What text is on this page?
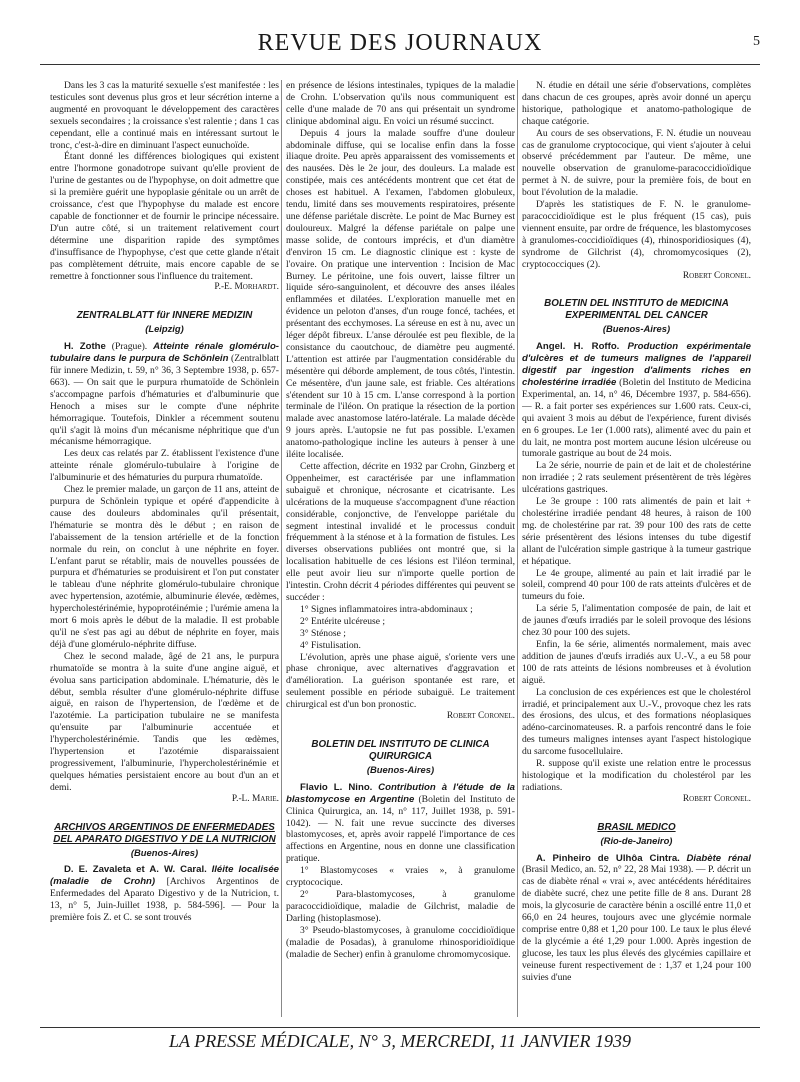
REVUE DES JOURNAUX	5

Dans les 3 cas la maturité sexuelle s'est manifestée : les testicules sont devenus plus gros et leur sécrétion interne a augmenté en provoquant le développement des caractères sexuels secondaires ; la croissance s'est ralentie ; dans 1 cas cependant, elle a continué mais en intéressant surtout le tronc, c'est-à-dire en diminuant l'aspect eunuchoïde.

Étant donné les différences biologiques qui existent entre l'hormone gonadotrope suivant qu'elle provient de l'urine de gestantes ou de l'hypophyse, on doit admettre que si la première guérit une hypoplasie génitale ou un arrêt de croissance, c'est que l'hypophyse du malade est encore capable de fonctionner et de fournir le principe nécessaire. D'un autre côté, si un traitement relativement court détermine une disparition rapide des symptômes d'insuffisance de l'hypophyse, c'est que cette glande n'était pas complètement détruite, mais encore capable de se remettre à fonctionner sous l'influence du traitement.

P.-E. Morhardt.
ZENTRALBLATT für INNERE MEDIZIN
(Leipzig)

H. Zothe (Prague). Atteinte rénale glomérulo-tubulaire dans le purpura de Schönlein (Zentralblatt für innere Medizin, t. 59, n° 36, 3 Septembre 1938, p. 657-663). — On sait que le purpura rhumatoïde de Schönlein s'accompagne parfois d'hématuries et d'albuminurie que Henoch a mises sur le compte d'une néphrite hémorragique. Toutefois, Dinkler a récemment soutenu qu'il s'agit là moins d'un mécanisme néphritique que d'un mécanisme hémorragique.

Les deux cas relatés par Z. établissent l'existence d'une atteinte rénale glomérulo-tubulaire à l'origine de l'albuminurie et des hématuries du purpura rhumatoïde.

Chez le premier malade, un garçon de 11 ans, atteint de purpura de Schönlein typique et opéré d'appendicite à cause des douleurs abdominales qu'il présentait, l'hématurie se montra dès le début ; en raison de l'abaissement de la tension artérielle et de la fonction normale du rein, on conclut à une néphrite en foyer. L'enfant parut se rétablir, mais de nouvelles poussées de purpura et d'hématuries se produisirent et l'on put constater le tableau d'une néphrite glomérulo-tubulaire chronique avec hypertension, azotémie, albuminurie élevée, œdèmes, hypercholestérinémie, hypoprotéinémie ; l'urémie amena la mort 6 mois après le début de la maladie. Il est probable qu'il ne s'est pas agi au début de néphrite en foyer, mais déjà d'une glomérulo-néphrite diffuse.

Chez le second malade, âgé de 21 ans, le purpura rhumatoïde se montra à la suite d'une angine aiguë, et évolua sans participation abdominale. L'hématurie, dès le début, sembla résulter d'une glomérulo-néphrite diffuse aiguë, en raison de l'hypertension, de l'œdème et de l'azotémie. La participation tubulaire ne se manifesta qu'ensuite par l'albuminurie accentuée et l'hypercholestérinémie. Tandis que les œdèmes, l'hypertension et l'azotémie disparaissaient progressivement, l'albuminurie, l'hypercholestérinémie et quelques hématies persistaient encore au bout d'un an et demi.

P.-L. Marie.
ARCHIVOS ARGENTINOS DE ENFERMEDADES DEL APARATO DIGESTIVO Y DE LA NUTRICION
(Buenos-Aires)

D. E. Zavaleta et A. W. Caral. Iléite localisée (maladie de Crohn) [Archivos Argentinos de Enfermedades del Aparato Digestivo y de la Nutricion, t. 13, n° 5, Juin-Juillet 1938, p. 584-596]. — Pour la première fois Z. et C. se sont trouvés

en présence de lésions intestinales, typiques de la maladie de Crohn. L'observation qu'ils nous communiquent est celle d'une malade de 70 ans qui présentait un syndrome clinique abdominal aigu. En voici un résumé succinct.

Depuis 4 jours la malade souffre d'une douleur abdominale diffuse, qui se localise enfin dans la fosse iliaque droite. Peu après apparaissent des vomissements et des nausées. Dès le 2e jour, des douleurs. La malade est constipée, mais ces antécédents montrent que cet état de choses est habituel. A l'examen, l'abdomen globuleux, tendu, limité dans ses mouvements respiratoires, présente une défense pariétale discrète. Le point de Mac Burney est douloureux. Malgré la défense pariétale on palpe une masse solide, de contours imprécis, et d'un diamètre d'environ 15 cm. Le diagnostic clinique est : kyste de l'ovaire. On pratique une intervention : Incision de Mac Burney. Le péritoine, une fois ouvert, laisse filtrer un liquide séro-sanguinolent, et découvre des anses iléales enflammées et dilatées. L'exploration manuelle met en évidence un peloton d'anses, d'un rouge foncé, tachées, et présentant des ecchymoses. La séreuse en est à nu, avec un léger dépôt fibreux. L'anse déroulée est peu flexible, de la consistance du caoutchouc, de diamètre peu augmenté. L'attention est attirée par l'augmentation considérable du mésentère qui déborde amplement, de tous côtés, l'intestin. Ce mésentère, d'un jaune sale, est friable. Ces altérations s'étendent sur 10 à 15 cm. L'anse correspond à la portion terminale de l'iléon. On pratique la résection de la portion malade avec anastomose latéro-latérale. La malade décède 9 jours après. L'autopsie ne fut pas possible. L'examen anatomo-pathologique incline les auteurs à penser à une iléite localisée.

Cette affection, décrite en 1932 par Crohn, Ginzberg et Oppenheimer, est caractérisée par une inflammation subaiguë et chronique, nécrosante et cicatrisante. Les ulcérations de la muqueuse s'accompagnent d'une réaction considérable, conjonctive, de l'enveloppe pariétale du segment intestinal invalidé et le processus conduit fréquemment à la sténose et à la formation de fistules. Les diverses observations publiées ont montré que, si la localisation habituelle de ces lésions est l'iléon terminal, elle peut avoir lieu sur n'importe quelle portion de l'intestin. Crohn décrit 4 périodes différentes qui peuvent se succéder :

1° Signes inflammatoires intra-abdominaux ;
2° Entérite ulcéreuse ;
3° Sténose ;
4° Fistulisation.

L'évolution, après une phase aiguë, s'oriente vers une phase chronique, avec alternatives d'aggravation et d'amélioration. La guérison spontanée est rare, et seulement possible en période subaiguë. Le traitement chirurgical est d'un bon pronostic.

Robert Coronel.
BOLETIN DEL INSTITUTO DE CLINICA QUIRURGICA
(Buenos-Aires)

Flavio L. Nino. Contribution à l'étude de la blastomycose en Argentine (Boletin del Instituto de Clinica Quirurgica, an. 14, n° 117, Juillet 1938, p. 591-1042). — N. fait une revue succincte des diverses blastomycoses, et, après avoir rappelé l'importance de ces affections en Argentine, nous en donne une classification pratique.

1° Blastomycoses « vraies », à granulome cryptococique.

2° Para-blastomycoses, à granulome paracoccidioïdique, maladie de Gilchrist, maladie de Darling (histoplasmose).

3° Pseudo-blastomycoses, à granulome coccidioïdique (maladie de Posadas), à granulome rhinosporidioïdique (maladie de Secher) enfin à granulome chromomycosique.

N. étudie en détail une série d'observations, complètes dans chacun de ces groupes, après avoir donné un aperçu historique, pathologique et anatomo-pathologique de chaque catégorie.

Au cours de ses observations, F. N. étudie un nouveau cas de granulome cryptococique, qui vient s'ajouter à celui observé précédemment par l'auteur. De même, une nouvelle observation de granulome-paracoccidioïdique permet à N. de suivre, pour la première fois, de bout en bout l'évolution de la maladie.

D'après les statistiques de F. N. le granulome-paracoccidioïdique est le plus fréquent (15 cas), puis viennent ensuite, par ordre de fréquence, les blastomycoses à granulomes-coccidioïdiques (4), rhinosporidiosiques (4), syndrome de Gilchrist (4), chromomycosiques (2), cryptococciques (2).

Robert Coronel.
BOLETIN DEL INSTITUTO de MEDICINA EXPERIMENTAL DEL CANCER
(Buenos-Aires)

Angel. H. Roffo. Production expérimentale d'ulcères et de tumeurs malignes de l'appareil digestif par ingestion d'aliments riches en cholestérine irradiée (Boletin del Instituto de Medicina Experimental, an. 14, n° 46, Décembre 1937, p. 584-656). — R. a fait porter ses expériences sur 1.600 rats. Ceux-ci, qui avaient 3 mois au début de l'expérience, furent divisés en 6 groupes. Le 1er (1.000 rats), alimenté avec du pain et du lait, ne montra post mortem aucune lésion ulcéreuse ou tumorale gastrique au bout de 24 mois.

La 2e série, nourrie de pain et de lait et de cholestérine non irradiée ; 2 rats seulement présentèrent de très légères ulcérations gastriques.

Le 3e groupe : 100 rats alimentés de pain et lait + cholestérine irradiée pendant 48 heures, à raison de 100 mg. de cholestérine par rat. 39 pour 100 des rats de cette série présentèrent des lésions intenses du tube digestif allant de l'ulcération simple gastrique à la tumeur gastrique et hépatique.

Le 4e groupe, alimenté au pain et lait irradié par le soleil, comprend 40 pour 100 de rats atteints d'ulcères et de tumeurs du foie.

La série 5, l'alimentation composée de pain, de lait et de jaunes d'œufs irradiés par le soleil provoque des lésions chez 30 pour 100 des sujets.

Enfin, la 6e série, alimentés normalement, mais avec addition de jaunes d'œufs irradiés aux U.-V., a eu 58 pour 100 de rats atteints de lésions nombreuses et à évolution aiguë.

La conclusion de ces expériences est que le cholestérol irradié, et principalement aux U.-V., provoque chez les rats des érosions, des ulcus, et des formations néoplasiques adéno-carcinomateuses. R. a parfois rencontré dans le foie des tumeurs malignes intenses ayant l'aspect histologique du sarcome fusocellulaire.

R. suppose qu'il existe une relation entre le processus histologique et la modification du cholestérol par les radiations.

Robert Coronel.
BRASIL MEDICO
(Rio-de-Janeiro)

A. Pinheiro de Ulhôa Cintra. Diabète rénal (Brasil Medico, an. 52, n° 22, 28 Mai 1938). — P. décrit un cas de diabète rénal « vrai », avec antécédents héréditaires de diabète sucré, chez une petite fille de 8 ans. Durant 28 mois, la glycosurie de caractère bénin a oscillé entre 11,0 et 66,0 en 24 heures, toujours avec une glycémie normale comprise entre 0,88 et 1,20 pour 100. Le taux le plus élevé de la glycémie a été 1,29 pour 1.000. Après ingestion de glucose, les taux les plus élevés des glycémies capillaire et veineuse furent respectivement de : 1,37 et 1,24 pour 100 suivies d'une

LA PRESSE MÉDICALE, N° 3, MERCREDI, 11 JANVIER 1939
